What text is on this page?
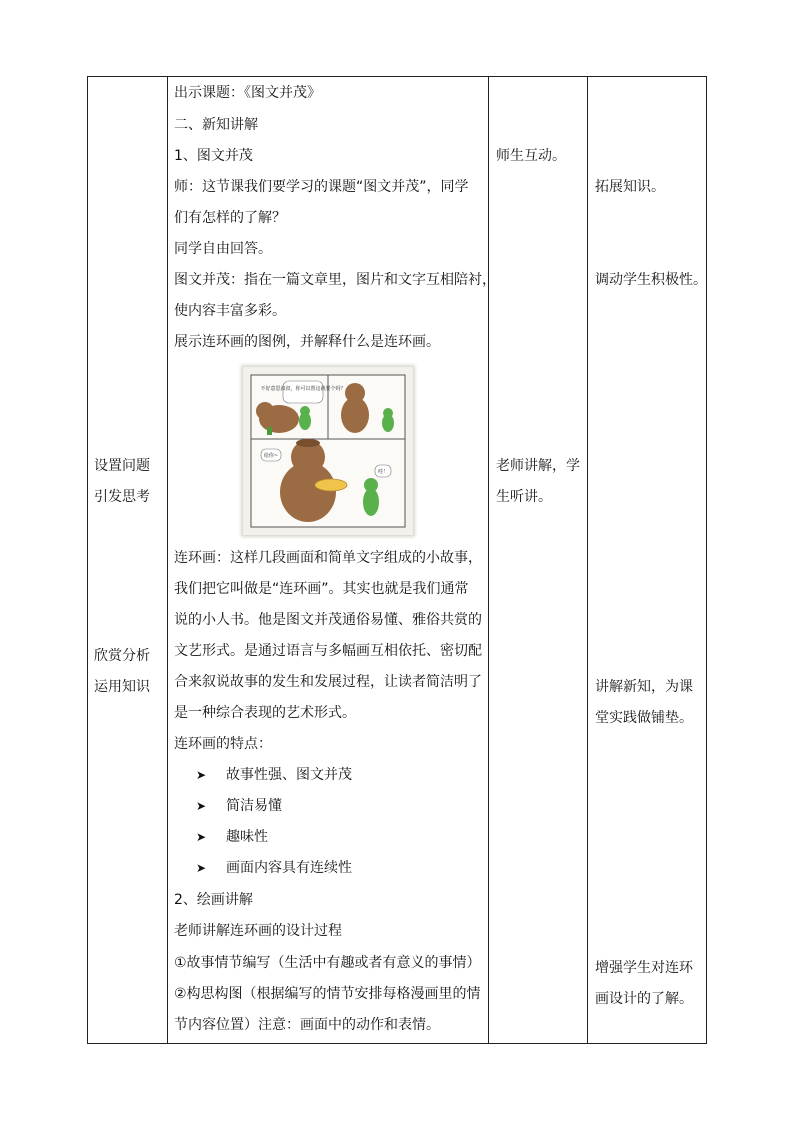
设置问题
引发思考
欣赏分析
运用知识
出示课题：《图文并茂》
二、新知讲解
1、图文并茂
师：这节课我们要学习的课题“图文并茂”，同学
们有怎样的了解？
同学自由回答。
图文并茂：指在一篇文章里，图片和文字互相陪衬，
使内容丰富多彩。
展示连环画的图例，并解释什么是连环画。
不好意思叔叔，你可以帮这就要个吗？
给你~
哇！
连环画：这样几段画面和简单文字组成的小故事，
我们把它叫做是“连环画”。其实也就是我们通常
说的小人书。他是图文并茂通俗易懂、雅俗共赏的
文艺形式。是通过语言与多幅画互相依托、密切配
合来叙说故事的发生和发展过程，让读者简洁明了
是一种综合表现的艺术形式。
连环画的特点：
➤ 故事性强、图文并茂
➤ 简洁易懂
➤ 趣味性
➤ 画面内容具有连续性
2、绘画讲解
老师讲解连环画的设计过程
①故事情节编写（生活中有趣或者有意义的事情）
②构思构图（根据编写的情节安排每格漫画里的情
节内容位置）注意：画面中的动作和表情。
师生互动。
老师讲解，学
生听讲。
拓展知识。
调动学生积极性。
讲解新知，为课
堂实践做铺垫。
增强学生对连环
画设计的了解。
